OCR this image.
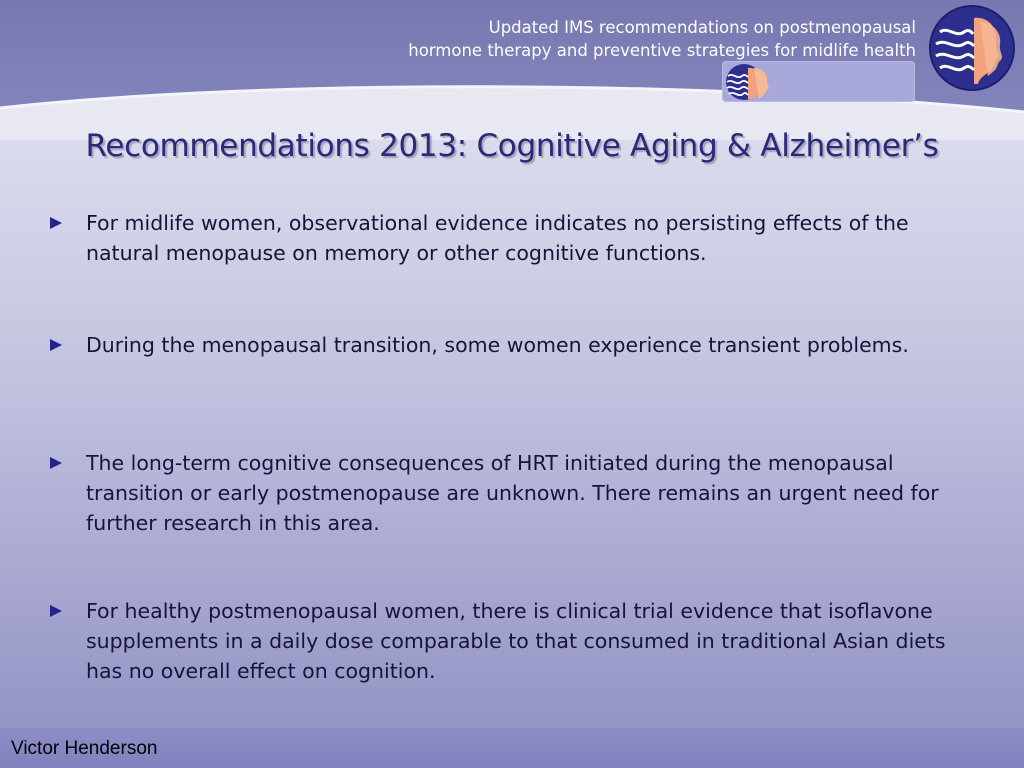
Updated IMS recommendations on postmenopausal
hormone therapy and preventive strategies for midlife health
Recommendations 2013: Cognitive Aging & Alzheimer’s
For midlife women, observational evidence indicates no persisting effects of the natural menopause on memory or other cognitive functions.
During the menopausal transition, some women experience transient problems.
The long-term cognitive consequences of HRT initiated during the menopausal transition or early postmenopause are unknown. There remains an urgent need for further research in this area.
For healthy postmenopausal women, there is clinical trial evidence that isoflavone supplements in a daily dose comparable to that consumed in traditional Asian diets has no overall effect on cognition.
Victor Henderson
